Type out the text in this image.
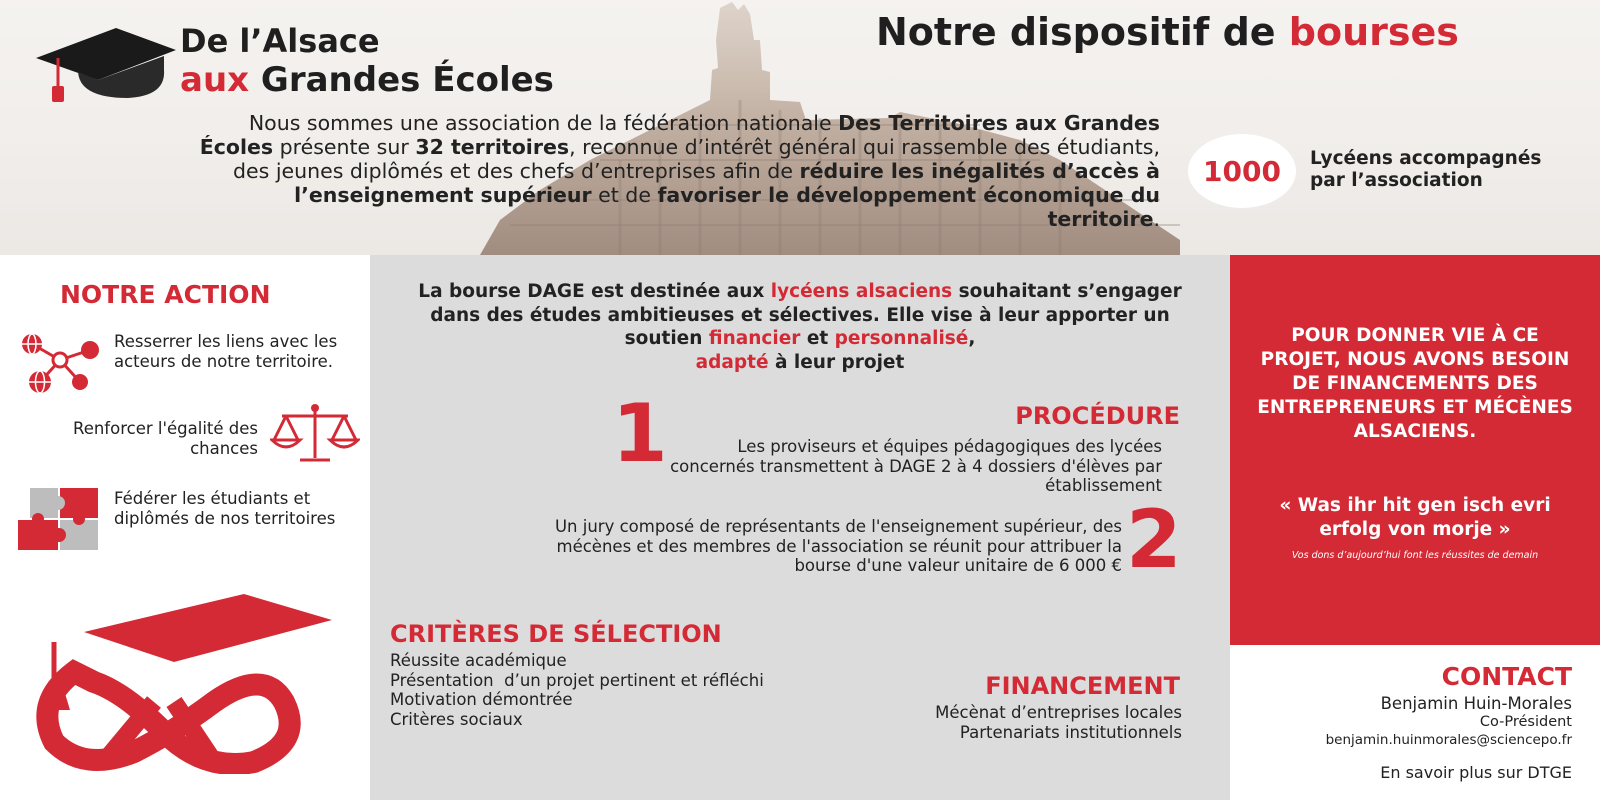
De l’Alsace
aux Grandes Écoles
Notre dispositif de bourses
Nous sommes une association de la fédération nationale Des Territoires aux Grandes Écoles présente sur 32 territoires, reconnue d’intérêt général qui rassemble des étudiants, des jeunes diplômés et des chefs d’entreprises afin de réduire les inégalités d’accès à l’enseignement supérieur et de favoriser le développement économique du territoire.
1000	Lycéens accompagnés par l’association
NOTRE ACTION
Resserrer les liens avec les acteurs de notre territoire.
Renforcer l'égalité des chances
Fédérer les étudiants et diplômés de nos territoires
La bourse DAGE est destinée aux lycéens alsaciens souhaitant s’engager dans des études ambitieuses et sélectives. Elle vise à leur apporter un soutien financier et personnalisé,
adapté à leur projet
PROCÉDURE
1	Les proviseurs et équipes pédagogiques des lycées concernés transmettent à DAGE 2 à 4 dossiers d'élèves par établissement
Un jury composé de représentants de l'enseignement supérieur, des mécènes et des membres de l'association se réunit pour attribuer la bourse d'une valeur unitaire de 6 000 € 2
CRITÈRES DE SÉLECTION
Réussite académique
Présentation  d’un projet pertinent et réfléchi
Motivation démontrée
Critères sociaux
FINANCEMENT
Mécènat d’entreprises locales
Partenariats institutionnels
POUR DONNER VIE À CE PROJET, NOUS AVONS BESOIN DE FINANCEMENTS DES ENTREPRENEURS ET MÉCÈNES ALSACIENS.
« Was ihr hit gen isch evri erfolg von morje »
Vos dons d’aujourd’hui font les réussites de demain
CONTACT
Benjamin Huin-Morales
Co-Président
benjamin.huinmorales@sciencepo.fr
En savoir plus sur DTGE
